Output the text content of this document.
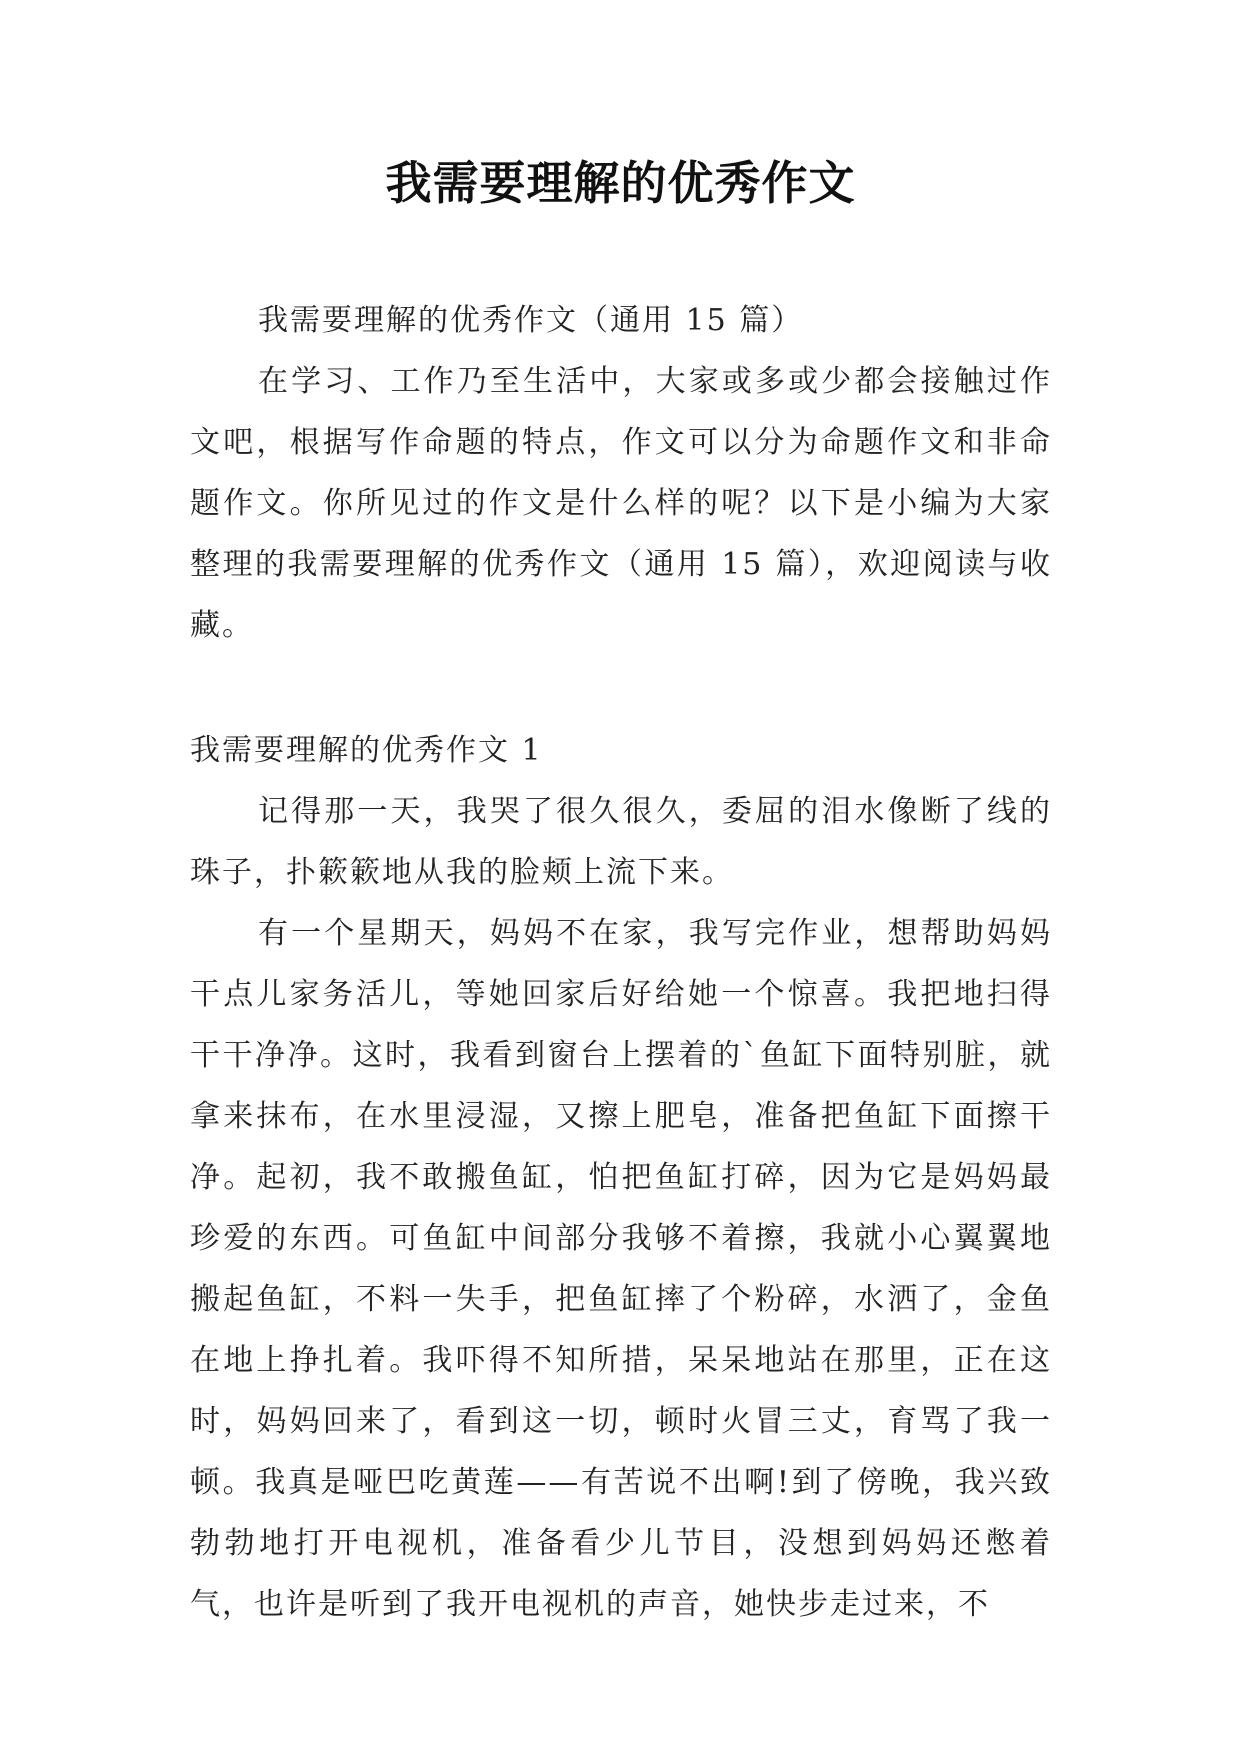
我需要理解的优秀作文

我需要理解的优秀作文（通用 15 篇）

在学习、工作乃至生活中，大家或多或少都会接触过作文吧，根据写作命题的特点，作文可以分为命题作文和非命题作文。你所见过的作文是什么样的呢？以下是小编为大家整理的我需要理解的优秀作文（通用 15 篇），欢迎阅读与收藏。

我需要理解的优秀作文 1

记得那一天，我哭了很久很久，委屈的泪水像断了线的珠子，扑簌簌地从我的脸颊上流下来。

有一个星期天，妈妈不在家，我写完作业，想帮助妈妈干点儿家务活儿，等她回家后好给她一个惊喜。我把地扫得干干净净。这时，我看到窗台上摆着的`鱼缸下面特别脏，就拿来抹布，在水里浸湿，又擦上肥皂，准备把鱼缸下面擦干净。起初，我不敢搬鱼缸，怕把鱼缸打碎，因为它是妈妈最珍爱的东西。可鱼缸中间部分我够不着擦，我就小心翼翼地搬起鱼缸，不料一失手，把鱼缸摔了个粉碎，水洒了，金鱼在地上挣扎着。我吓得不知所措，呆呆地站在那里，正在这时，妈妈回来了，看到这一切，顿时火冒三丈，育骂了我一顿。我真是哑巴吃黄莲——有苦说不出啊!到了傍晚，我兴致勃勃地打开电视机，准备看少儿节目，没想到妈妈还憋着气，也许是听到了我开电视机的声音，她快步走过来，不
